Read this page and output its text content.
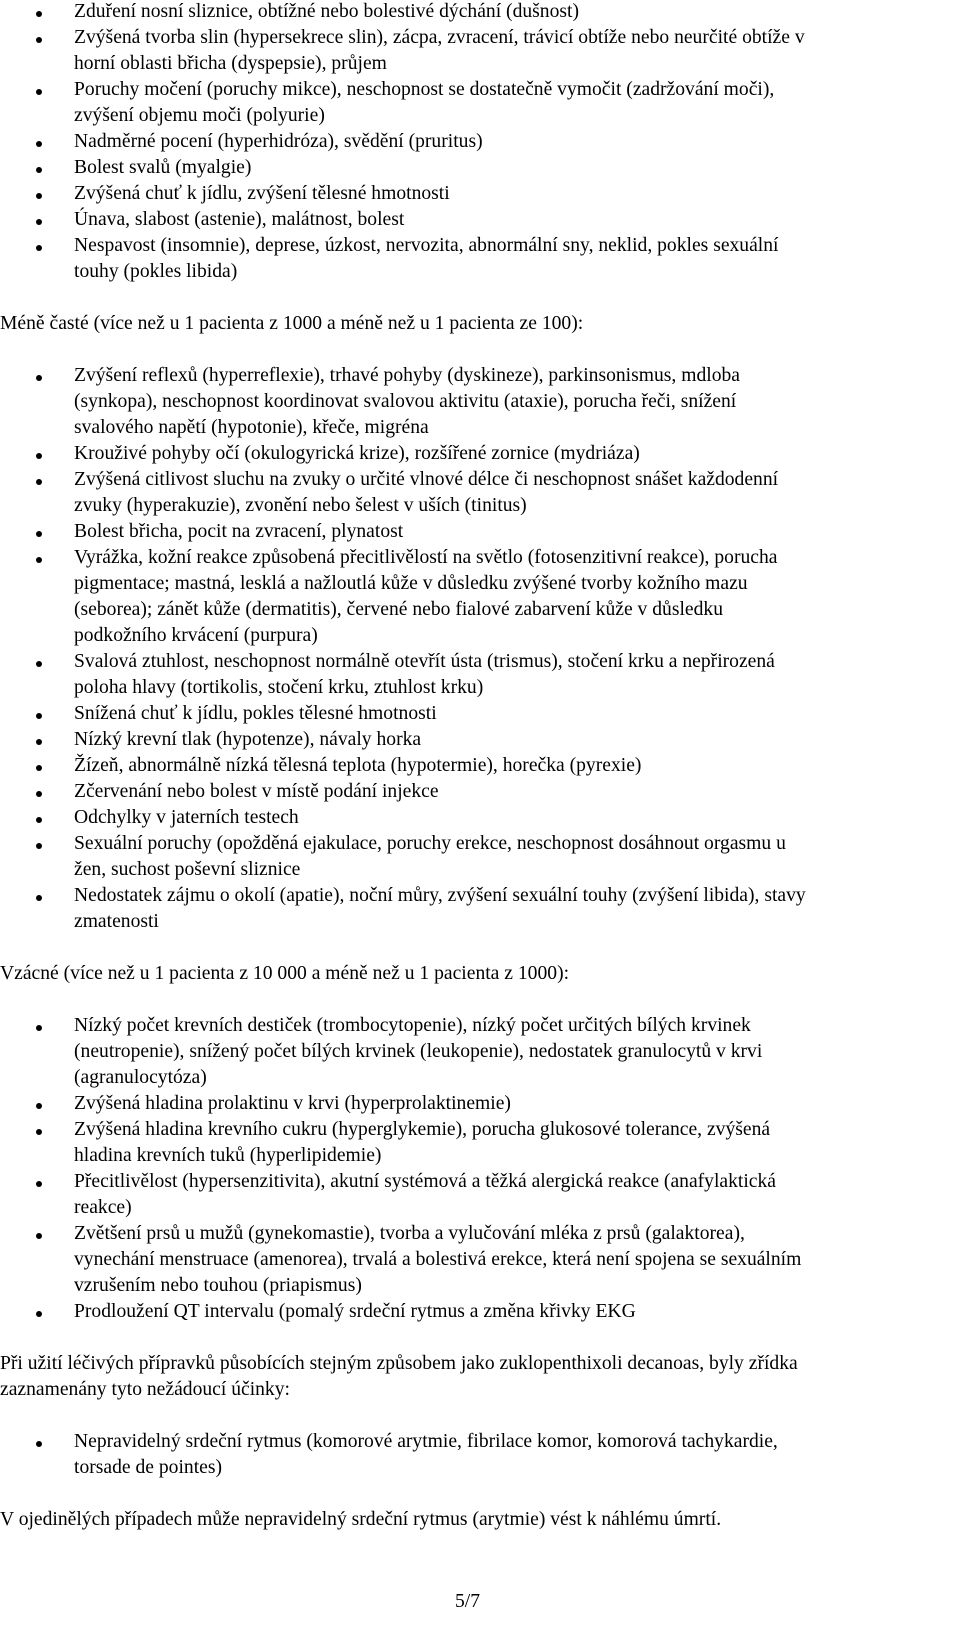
5/7
Zduření nosní sliznice, obtížné nebo bolestivé dýchání (dušnost)
Zvýšená tvorba slin (hypersekrece slin), zácpa, zvracení, trávicí obtíže nebo neurčité obtíže v
horní oblasti břicha (dyspepsie), průjem
Poruchy močení (poruchy mikce), neschopnost se dostatečně vymočit (zadržování moči),
zvýšení objemu moči (polyurie)
Nadměrné pocení (hyperhidróza), svědění (pruritus)
Bolest svalů (myalgie)
Zvýšená chuť k jídlu, zvýšení tělesné hmotnosti
Únava, slabost (astenie), malátnost, bolest
Nespavost (insomnie), deprese, úzkost, nervozita, abnormální sny, neklid, pokles sexuální
touhy (pokles libida)
Méně časté (více než u 1 pacienta z 1000 a méně než u 1 pacienta ze 100):
Zvýšení reflexů (hyperreflexie), trhavé pohyby (dyskineze), parkinsonismus, mdloba
(synkopa), neschopnost koordinovat svalovou aktivitu (ataxie), porucha řeči, snížení
svalového napětí (hypotonie), křeče, migréna
Krouživé pohyby očí (okulogyrická krize), rozšířené zornice (mydriáza)
Zvýšená citlivost sluchu na zvuky o určité vlnové délce či neschopnost snášet každodenní
zvuky (hyperakuzie), zvonění nebo šelest v uších (tinitus)
Bolest břicha, pocit na zvracení, plynatost
Vyrážka, kožní reakce způsobená přecitlivělostí na světlo (fotosenzitivní reakce), porucha
pigmentace; mastná, lesklá a nažloutlá kůže v důsledku zvýšené tvorby kožního mazu
(seborea); zánět kůže (dermatitis), červené nebo fialové zabarvení kůže v důsledku
podkožního krvácení (purpura)
Svalová ztuhlost, neschopnost normálně otevřít ústa (trismus), stočení krku a nepřirozená
poloha hlavy (tortikolis, stočení krku, ztuhlost krku)
Snížená chuť k jídlu, pokles tělesné hmotnosti
Nízký krevní tlak (hypotenze), návaly horka
Žízeň, abnormálně nízká tělesná teplota (hypotermie), horečka (pyrexie)
Zčervenání nebo bolest v místě podání injekce
Odchylky v jaterních testech
Sexuální poruchy (opožděná ejakulace, poruchy erekce, neschopnost dosáhnout orgasmu u
žen, suchost poševní sliznice
Nedostatek zájmu o okolí (apatie), noční můry, zvýšení sexuální touhy (zvýšení libida), stavy
zmatenosti
Vzácné (více než u 1 pacienta z 10 000 a méně než u 1 pacienta z 1000):
Nízký počet krevních destiček (trombocytopenie), nízký počet určitých bílých krvinek
(neutropenie), snížený počet bílých krvinek (leukopenie), nedostatek granulocytů v krvi
(agranulocytóza)
Zvýšená hladina prolaktinu v krvi (hyperprolaktinemie)
Zvýšená hladina krevního cukru (hyperglykemie), porucha glukosové tolerance, zvýšená
hladina krevních tuků (hyperlipidemie)
Přecitlivělost (hypersenzitivita), akutní systémová a těžká alergická reakce (anafylaktická
reakce)
Zvětšení prsů u mužů (gynekomastie), tvorba a vylučování mléka z prsů (galaktorea),
vynechání menstruace (amenorea), trvalá a bolestivá erekce, která není spojena se sexuálním
vzrušením nebo touhou (priapismus)
Prodloužení QT intervalu (pomalý srdeční rytmus a změna křivky EKG
Při užití léčivých přípravků působících stejným způsobem jako zuklopenthixoli decanoas, byly zřídka
zaznamenány tyto nežádoucí účinky:
Nepravidelný srdeční rytmus (komorové arytmie, fibrilace komor, komorová tachykardie,
torsade de pointes)
V ojedinělých případech může nepravidelný srdeční rytmus (arytmie) vést k náhlému úmrtí.
